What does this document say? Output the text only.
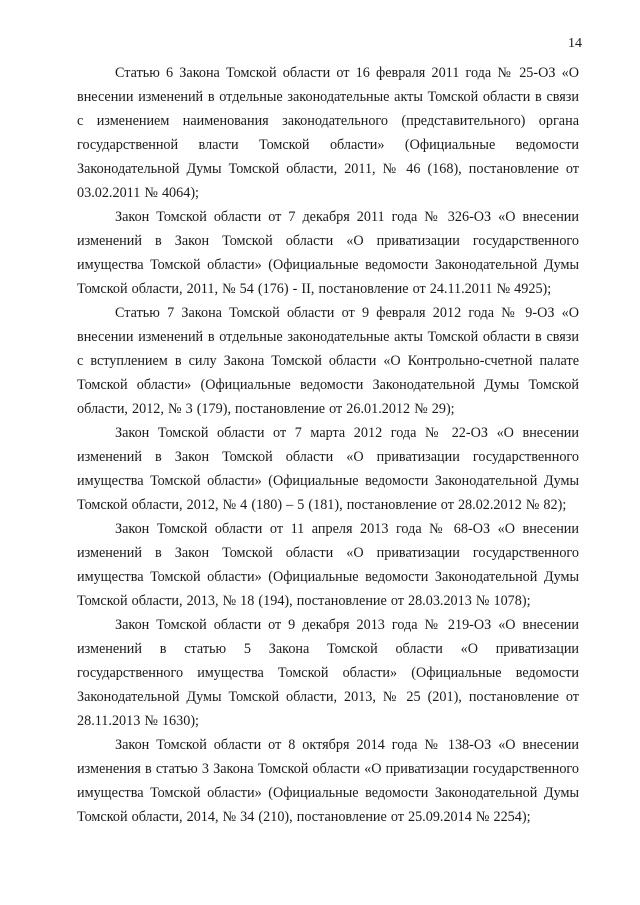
14

Статью 6 Закона Томской области от 16 февраля 2011 года № 25-ОЗ «О внесении изменений в отдельные законодательные акты Томской области в связи с изменением наименования законодательного (представительного) органа государственной власти Томской области» (Официальные ведомости Законодательной Думы Томской области, 2011, № 46 (168), постановление от 03.02.2011 № 4064);

Закон Томской области от 7 декабря 2011 года № 326-ОЗ «О внесении изменений в Закон Томской области «О приватизации государственного имущества Томской области» (Официальные ведомости Законодательной Думы Томской области, 2011, № 54 (176) - II, постановление от 24.11.2011 № 4925);

Статью 7 Закона Томской области от 9 февраля 2012 года № 9-ОЗ «О внесении изменений в отдельные законодательные акты Томской области в связи с вступлением в силу Закона Томской области «О Контрольно-счетной палате Томской области» (Официальные ведомости Законодательной Думы Томской области, 2012, № 3 (179), постановление от 26.01.2012 № 29);

Закон Томской области от 7 марта 2012 года № 22-ОЗ «О внесении изменений в Закон Томской области «О приватизации государственного имущества Томской области» (Официальные ведомости Законодательной Думы Томской области, 2012, № 4 (180) – 5 (181), постановление от 28.02.2012 № 82);

Закон Томской области от 11 апреля 2013 года № 68-ОЗ «О внесении изменений в Закон Томской области «О приватизации государственного имущества Томской области» (Официальные ведомости Законодательной Думы Томской области, 2013, № 18 (194), постановление от 28.03.2013 № 1078);

Закон Томской области от 9 декабря 2013 года № 219-ОЗ «О внесении изменений в статью 5 Закона Томской области «О приватизации государственного имущества Томской области» (Официальные ведомости Законодательной Думы Томской области, 2013, № 25 (201), постановление от 28.11.2013 № 1630);

Закон Томской области от 8 октября 2014 года № 138-ОЗ «О внесении изменения в статью 3 Закона Томской области «О приватизации государственного имущества Томской области» (Официальные ведомости Законодательной Думы Томской области, 2014, № 34 (210), постановление от 25.09.2014 № 2254);
